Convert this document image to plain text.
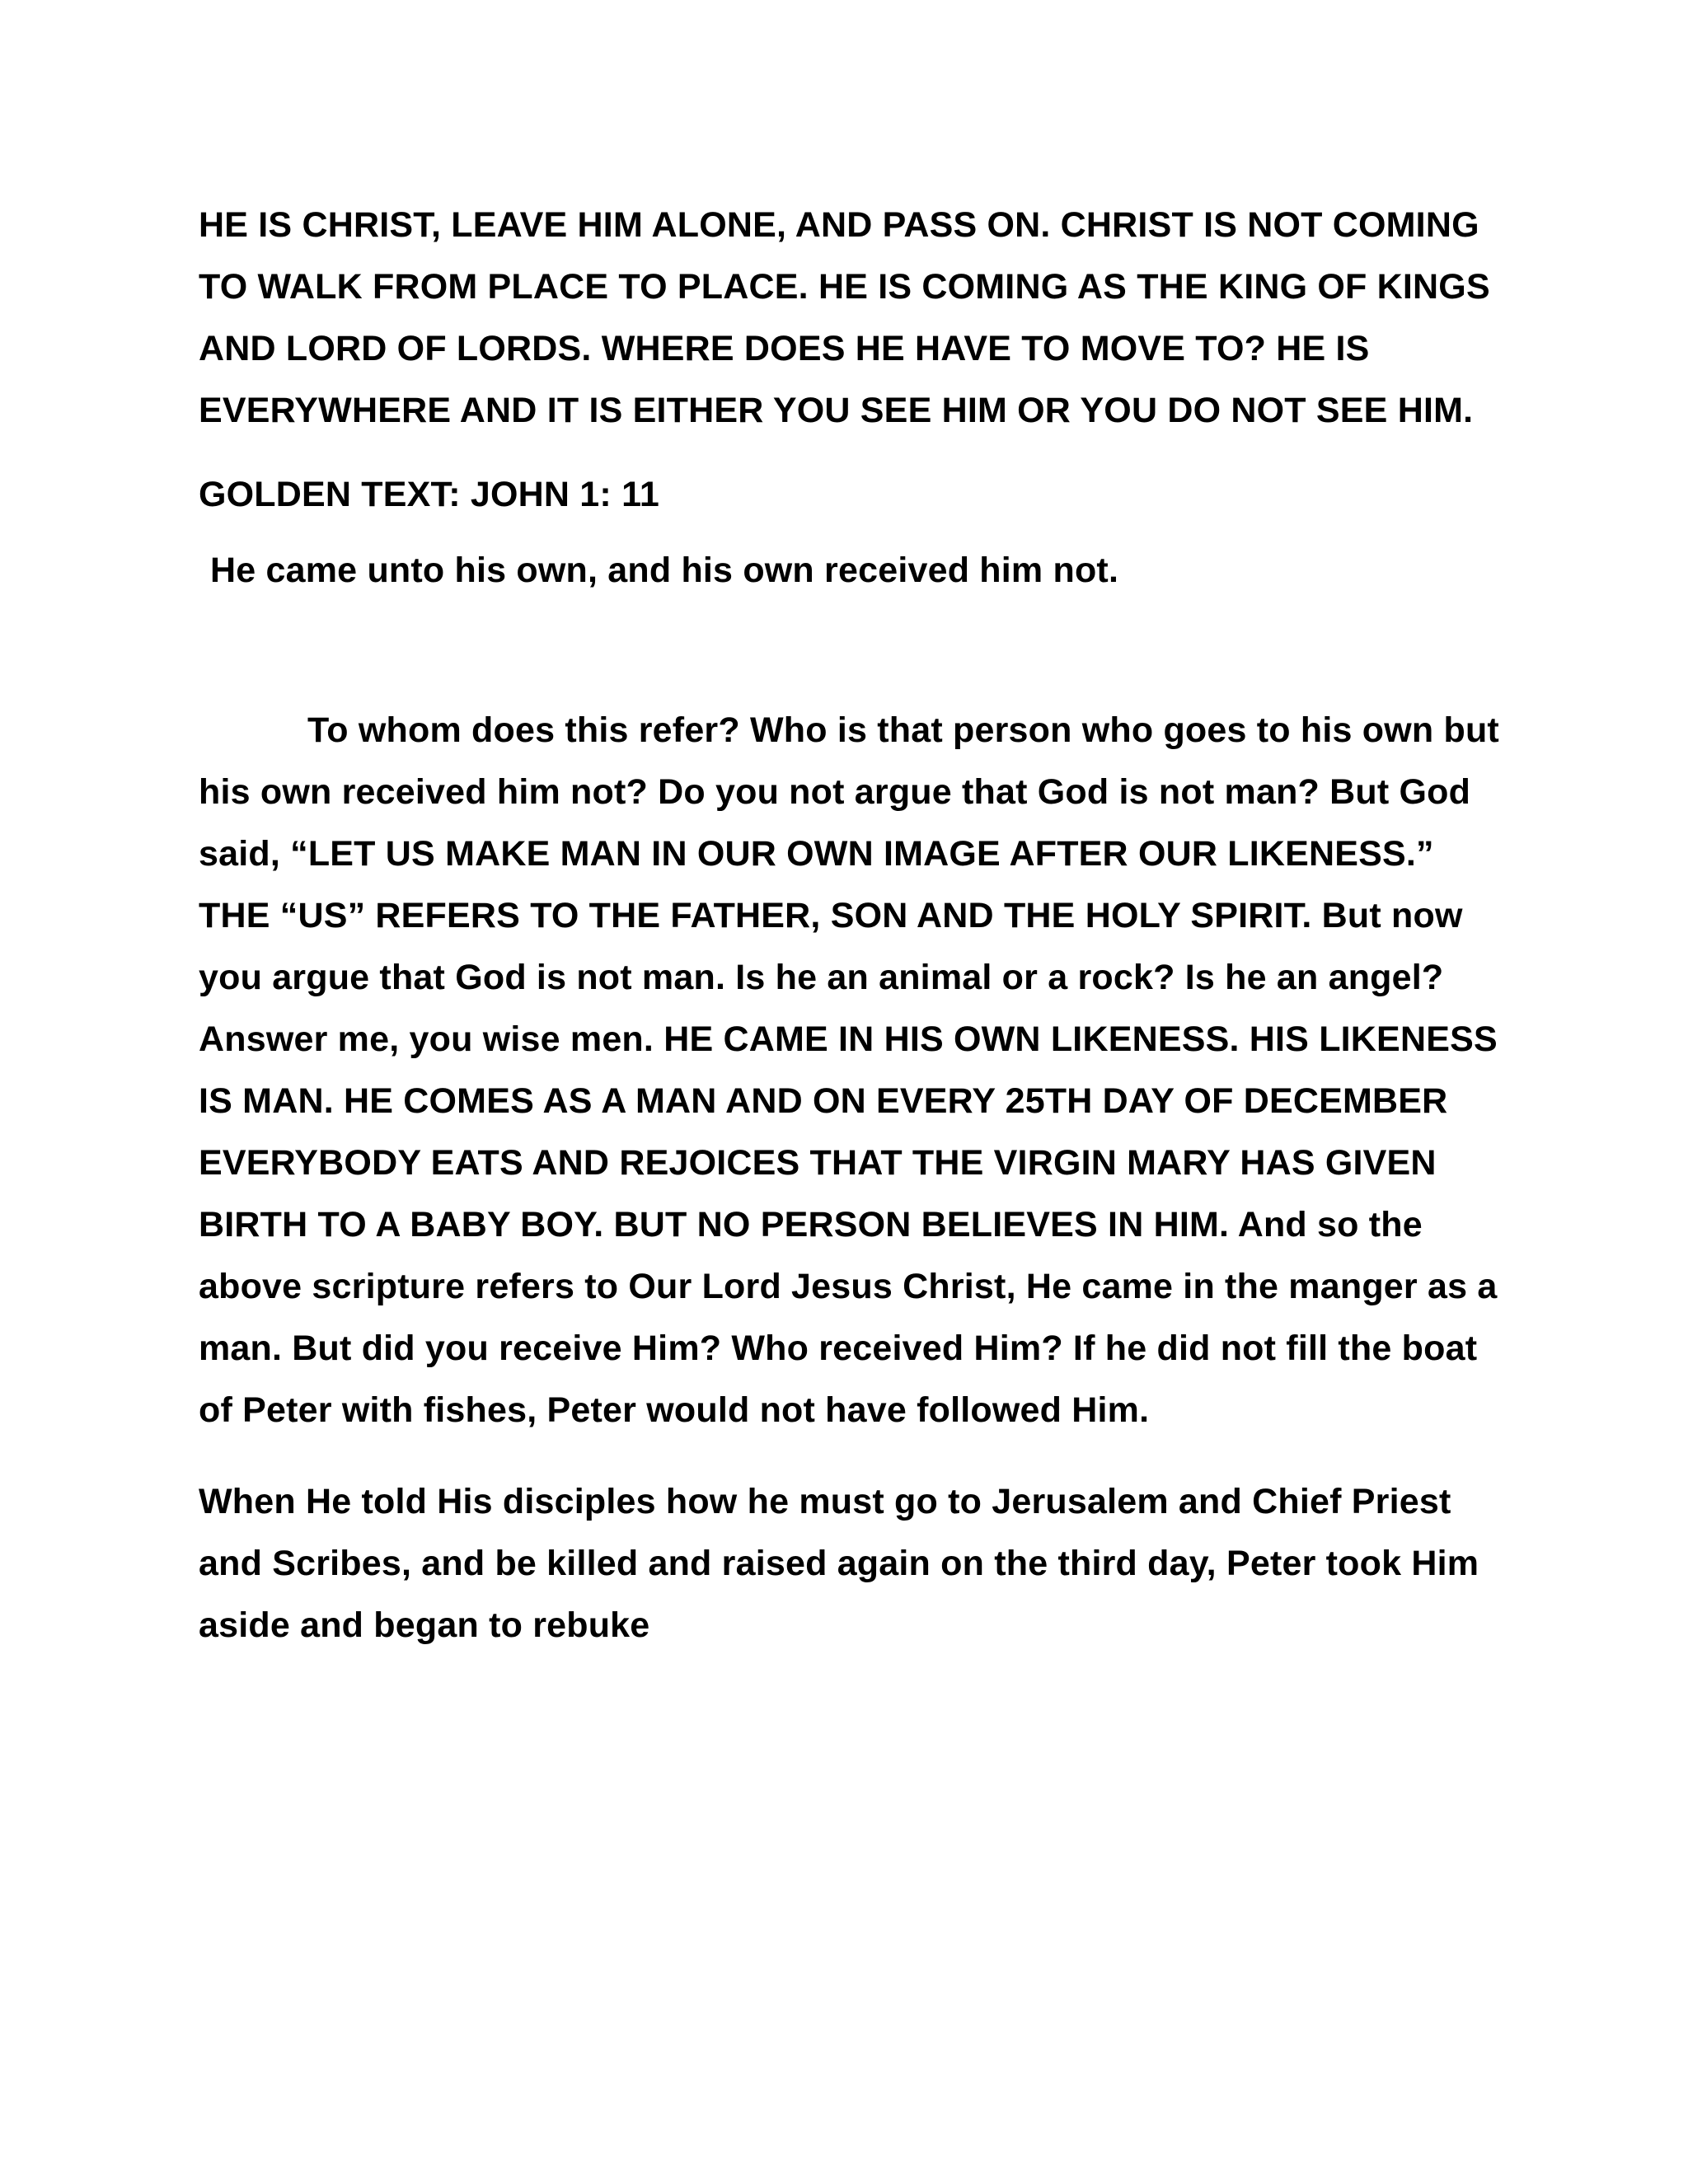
HE IS CHRIST, LEAVE HIM ALONE, AND PASS ON. CHRIST IS NOT COMING TO WALK FROM PLACE TO PLACE. HE IS COMING AS THE KING OF KINGS AND LORD OF LORDS. WHERE DOES HE HAVE TO MOVE TO? HE IS EVERYWHERE AND IT IS EITHER YOU SEE HIM OR YOU DO NOT SEE HIM.

GOLDEN TEXT: JOHN 1: 11

He came unto his own, and his own received him not.

To whom does this refer? Who is that person who goes to his own but his own received him not? Do you not argue that God is not man? But God said, “LET US MAKE MAN IN OUR OWN IMAGE AFTER OUR LIKENESS.” THE “US” REFERS TO THE FATHER, SON AND THE HOLY SPIRIT. But now you argue that God is not man. Is he an animal or a rock? Is he an angel? Answer me, you wise men. HE CAME IN HIS OWN LIKENESS. HIS LIKENESS IS MAN. HE COMES AS A MAN AND ON EVERY 25TH DAY OF DECEMBER EVERYBODY EATS AND REJOICES THAT THE VIRGIN MARY HAS GIVEN BIRTH TO A BABY BOY. BUT NO PERSON BELIEVES IN HIM. And so the above scripture refers to Our Lord Jesus Christ, He came in the manger as a man. But did you receive Him? Who received Him? If he did not fill the boat of Peter with fishes, Peter would not have followed Him.

When He told His disciples how he must go to Jerusalem and Chief Priest and Scribes, and be killed and raised again on the third day, Peter took Him aside and began to rebuke
